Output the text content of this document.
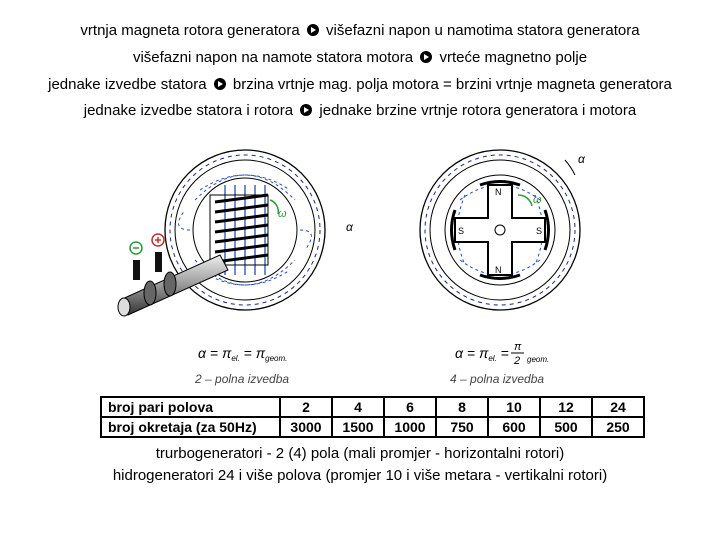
vrtnja magneta rotora generatora višefazni napon u namotima statora generatora
višefazni napon na namote statora motora vrteće magnetno polje
jednake izvedbe statora brzina vrtnje mag. polja motora = brzini vrtnje magneta generatora
jednake izvedbe statora i rotora jednake brzine vrtnje rotora generatora i motora
ω
α
$\alpha = \pi_{el.} = \pi_{geom.}$
2 – polna izvedba
N
N
S	S
ω
α
$\alpha = \pi_{el.} = \pi$
2 geom.
4 – polna izvedba
broj pari polova	2	4	6	8	10	12	24
broj okretaja (za 50Hz)	3000	1500	1000	750	600	500	250
trurbogeneratori - 2 (4) pola (mali promjer - horizontalni rotori)
hidrogeneratori 24 i više polova (promjer 10 i više metara - vertikalni rotori)
